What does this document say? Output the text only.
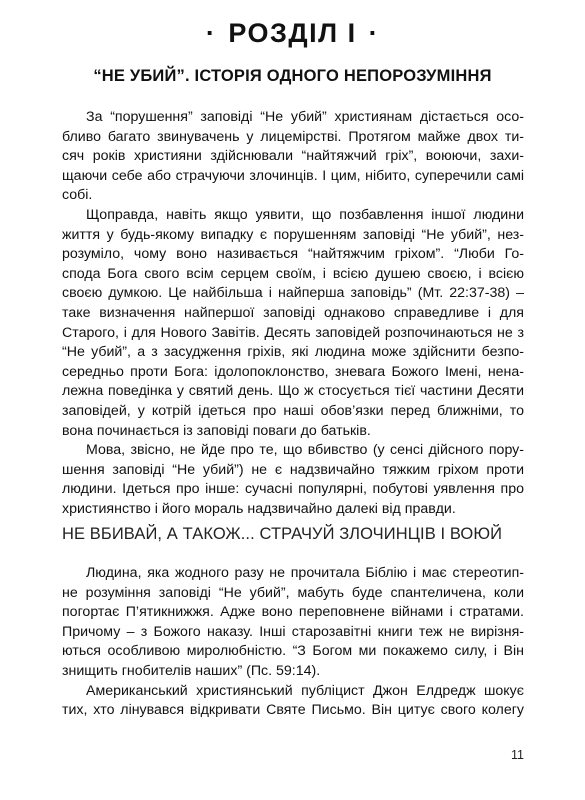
· РОЗДІЛ І ·
“НЕ УБИЙ”. ІСТОРІЯ ОДНОГО НЕПОРОЗУМІННЯ
За “порушення” заповіді “Не убий” християнам дістається осо-
бливо багато звинувачень у лицемірстві. Протягом майже двох ти-
сяч років християни здійснювали “найтяжчий гріх”, воюючи, захи-
щаючи себе або страчуючи злочинців. І цим, нібито, суперечили самі
собі.
Щоправда, навіть якщо уявити, що позбавлення іншої людини
життя у будь-якому випадку є порушенням заповіді “Не убий”, нез-
розуміло, чому воно називається “найтяжчим гріхом”. “Люби Го-
спода Бога свого всім серцем своїм, і всією душею своєю, і всією
своєю думкою. Це найбільша і найперша заповідь” (Мт. 22:37-38) –
таке визначення найпершої заповіді однаково справедливе і для
Старого, і для Нового Завітів. Десять заповідей розпочинаються не з
“Не убий”, а з засудження гріхів, які людина може здійснити безпо-
середньо проти Бога: ідолопоклонство, зневага Божого Імені, нена-
лежна поведінка у святий день. Що ж стосується тієї частини Десяти
заповідей, у котрій ідеться про наші обов’язки перед ближніми, то
вона починається із заповіді поваги до батьків.
Мова, звісно, не йде про те, що вбивство (у сенсі дійсного пору-
шення заповіді “Не убий”) не є надзвичайно тяжким гріхом проти
людини. Ідеться про інше: сучасні популярні, побутові уявлення про
християнство і його мораль надзвичайно далекі від правди.
НЕ ВБИВАЙ, А ТАКОЖ... СТРАЧУЙ ЗЛОЧИНЦІВ І ВОЮЙ
Людина, яка жодного разу не прочитала Біблію і має стереотип-
не розуміння заповіді “Не убий”, мабуть буде спантеличена, коли
погортає П’ятикнижжя. Адже воно переповнене війнами і стратами.
Причому – з Божого наказу. Інші старозавітні книги теж не вирізня-
ються особливою миролюбністю. “З Богом ми покажемо силу, і Він
знищить гнобителів наших” (Пс. 59:14).
Американський християнський публіцист Джон Елдредж шокує
тих, хто лінувався відкривати Святе Письмо. Він цитує свого колегу
11
